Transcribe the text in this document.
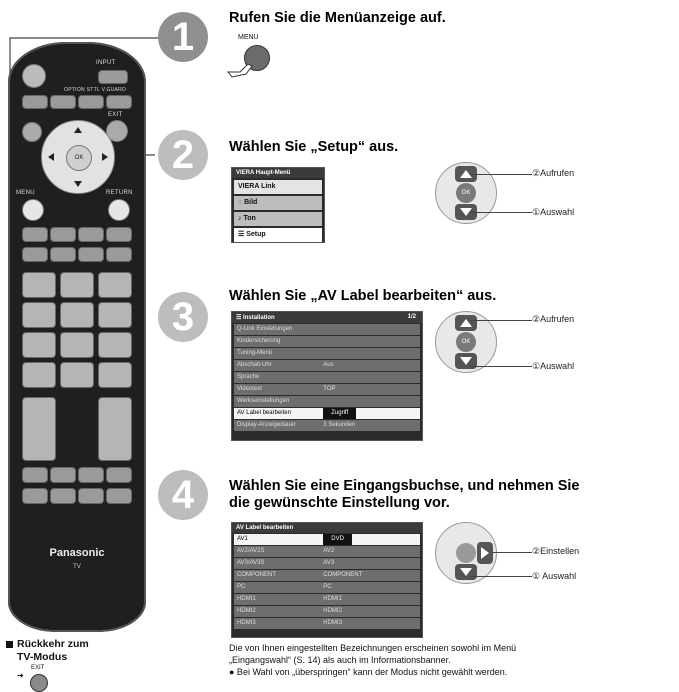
INPUT
OPTION STTL V.GUARD
EXIT
OK
MENU	RETURN
Panasonic
TV
1	Rufen Sie die Menüanzeige auf.
MENU
2	Wählen Sie „Setup“ aus.
VIERA Haupt-Menü
VIERA Link
◌ Bild
♪ Ton
☰ Setup
OK
②Aufrufen
①Auswahl
3	Wählen Sie „AV Label bearbeiten“ aus.
☰ Installation	1/2
Q-Link Einstellungen
Kindersicherung
Tuning-Menü
Abschalt-Uhr	Aus
Sprache
Videotext	TOP
Werkseinstellungen
AV Label bearbeiten	Zugriff
Display-Anzeigedauer	3 Sekunden
OK
②Aufrufen
①Auswahl
4	Wählen Sie eine Eingangsbuchse, und nehmen Sie
die gewünschte Einstellung vor.
AV Label bearbeiten
AV1	DVD
AV2/AV2S	AV2
AV3/AV3S	AV3
COMPONENT	COMPONENT
PC	PC
HDMI1	HDMI1
HDMI2	HDMI2
HDMI3	HDMI3
②Einstellen
① Auswahl
Die von Ihnen eingestellten Bezeichnungen erscheinen sowohl im Menü
„Eingangswahl“ (S. 14) als auch im Informationsbanner.
● Bei Wahl von „überspringen“ kann der Modus nicht gewählt werden.
Rückkehr zum
TV-Modus
➜
EXIT
